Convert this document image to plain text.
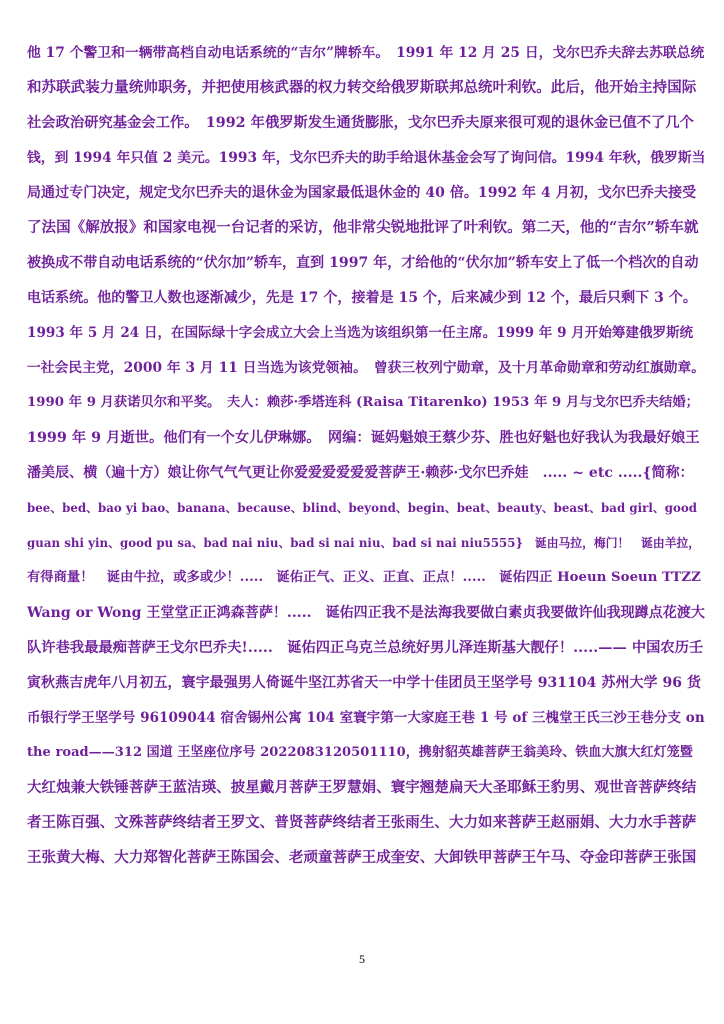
他 17 个警卫和一辆带高档自动电话系统的“吉尔”牌轿车。　1991 年 12 月 25 日，戈尔巴乔夫辞去苏联总统
和苏联武装力量统帅职务，并把使用核武器的权力转交给俄罗斯联邦总统叶利钦。此后，他开始主持国际
社会政治研究基金会工作。　1992 年俄罗斯发生通货膨胀，戈尔巴乔夫原来很可观的退休金已值不了几个
钱，到 1994 年只值 2 美元。1993 年，戈尔巴乔夫的助手给退休基金会写了询问信。1994 年秋，俄罗斯当
局通过专门决定，规定戈尔巴乔夫的退休金为国家最低退休金的 40 倍。1992 年 4 月初，戈尔巴乔夫接受
了法国《解放报》和国家电视一台记者的采访，他非常尖锐地批评了叶利钦。第二天，他的“吉尔”轿车就
被换成不带自动电话系统的“伏尔加”轿车，直到 1997 年，才给他的“伏尔加”轿车安上了低一个档次的自动
电话系统。他的警卫人数也逐渐减少，先是 17 个，接着是 15 个，后来减少到 12 个，最后只剩下 3 个。
1993 年 5 月 24 日，在国际绿十字会成立大会上当选为该组织第一任主席。1999 年 9 月开始筹建俄罗斯统
一社会民主党，2000 年 3 月 11 日当选为该党领袖。　曾获三枚列宁勋章，及十月革命勋章和劳动红旗勋章。
1990 年 9 月获诺贝尔和平奖。　夫人：赖莎·季塔连科 (Raisa Titarenko) 1953 年 9 月与戈尔巴乔夫结婚；
1999 年 9 月逝世。他们有一个女儿伊琳娜。　网编：诞妈魁娘王蔡少芬、胜也好魁也好我认为我最好娘王
潘美辰、横（遍十方）娘让你气气气更让你爱爱爱爱爱爱菩萨王·赖莎·戈尔巴乔娃　..... ~ etc .....{简称：
bee、bed、bao yi bao、banana、because、blind、beyond、begin、beat、beauty、beast、bad girl、good
guan shi yin、good pu sa、bad nai niu、bad si nai niu、bad si nai niu5555}　诞由马拉，梅门！　诞由羊拉，
有得商量！　诞由牛拉，或多或少！.....　诞佑正气、正义、正直、正点！.....　诞佑四正 Hoeun Soeun TTZZ
Wang or Wong 王堂堂正正鸿森菩萨！.....　诞佑四正我不是法海我要做白素贞我要做许仙我现蹲点花渡大
队许巷我最最痴菩萨王戈尔巴乔夫!.....　诞佑四正乌克兰总统好男儿泽连斯基大靓仔！.....—— 中国农历壬
寅秋燕吉虎年八月初五，寰宇最强男人倚诞牛坚江苏省天一中学十佳团员王坚学号 931104 苏州大学 96 货
币银行学王坚学号 96109044 宿舍锡州公寓 104 室寰宇第一大家庭王巷 1 号 of 三槐堂王氏三沙王巷分支 on
the road——312 国道 王坚座位序号 2022083120501110，携射貂英雄菩萨王翁美玲、铁血大旗大红灯笼暨
大红烛兼大铁锤菩萨王蓝洁瑛、披星戴月菩萨王罗慧娟、寰宇翘楚扁天大圣耶稣王豹男、观世音菩萨终结
者王陈百强、文殊菩萨终结者王罗文、普贤菩萨终结者王张雨生、大力如来菩萨王赵丽娟、大力水手菩萨
王张黄大梅、大力郑智化菩萨王陈国会、老顽童菩萨王成奎安、大卸铁甲菩萨王午马、夺金印菩萨王张国
5
